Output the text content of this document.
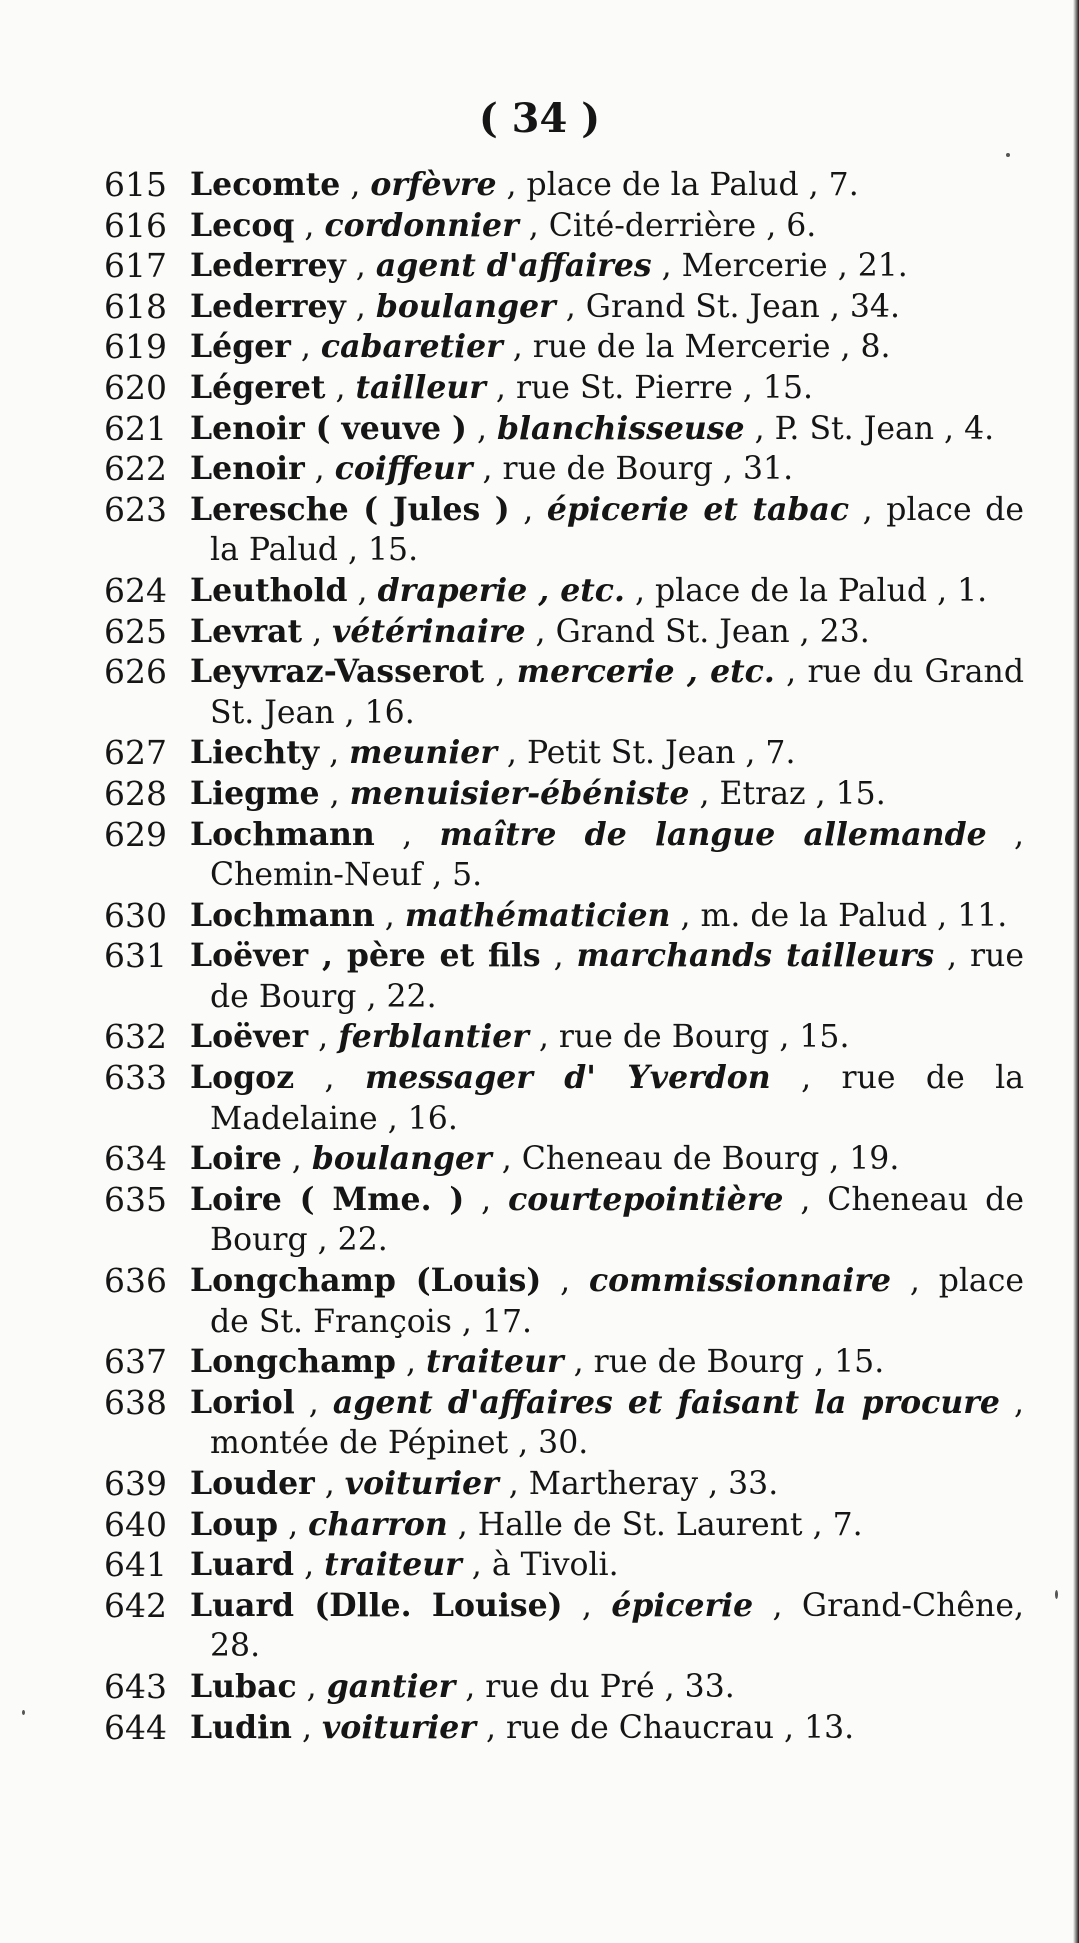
( 34 )
615 Lecomte , orfèvre , place de la Palud , 7.
616 Lecoq , cordonnier , Cité-derrière , 6.
617 Lederrey , agent d'affaires , Mercerie , 21.
618 Lederrey , boulanger , Grand St. Jean , 34.
619 Léger , cabaretier , rue de la Mercerie , 8.
620 Légeret , tailleur , rue St. Pierre , 15.
621 Lenoir ( veuve ) , blanchisseuse , P. St. Jean , 4.
622 Lenoir , coiffeur , rue de Bourg , 31.
623 Leresche ( Jules ) , épicerie et tabac , place de la Palud , 15.
624 Leuthold , draperie , etc. , place de la Palud , 1.
625 Levrat , vétérinaire , Grand St. Jean , 23.
626 Leyvraz-Vasserot , mercerie , etc. , rue du Grand St. Jean , 16.
627 Liechty , meunier , Petit St. Jean , 7.
628 Liegme , menuisier-ébéniste , Etraz , 15.
629 Lochmann , maître de langue allemande , Chemin-Neuf , 5.
630 Lochmann , mathématicien , m. de la Palud , 11.
631 Loëver , père et fils , marchands tailleurs , rue de Bourg , 22.
632 Loëver , ferblantier , rue de Bourg , 15.
633 Logoz , messager d' Yverdon , rue de la Madelaine , 16.
634 Loire , boulanger , Cheneau de Bourg , 19.
635 Loire ( Mme. ) , courtepointière , Cheneau de Bourg , 22.
636 Longchamp (Louis) , commissionnaire , place de St. François , 17.
637 Longchamp , traiteur , rue de Bourg , 15.
638 Loriol , agent d'affaires et faisant la procure , montée de Pépinet , 30.
639 Louder , voiturier , Martheray , 33.
640 Loup , charron , Halle de St. Laurent , 7.
641 Luard , traiteur , à Tivoli.
642 Luard (Dlle. Louise) , épicerie , Grand-Chêne, 28.
643 Lubac , gantier , rue du Pré , 33.
644 Ludin , voiturier , rue de Chaucrau , 13.
